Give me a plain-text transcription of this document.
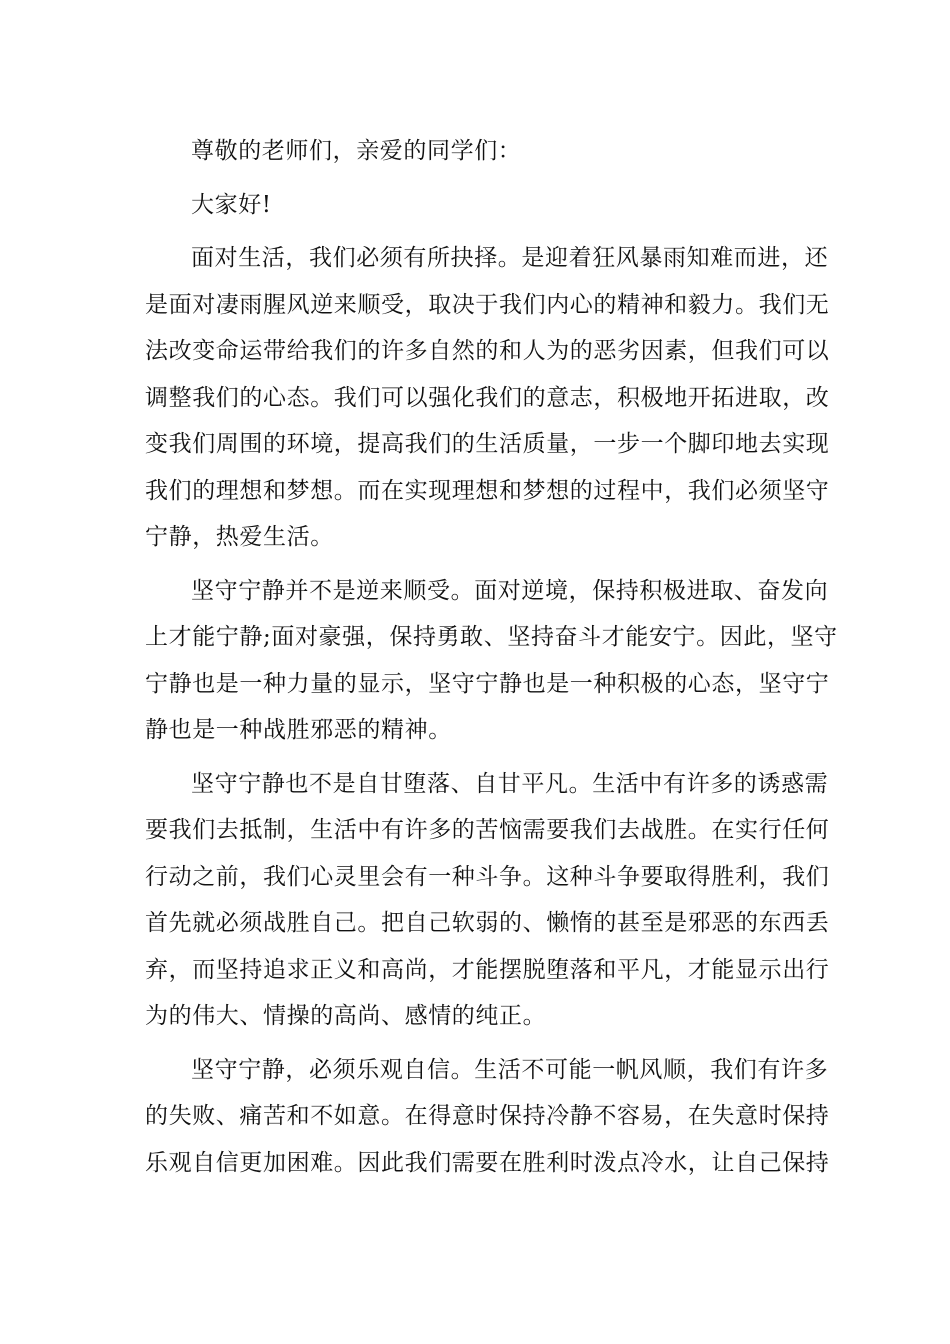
尊敬的老师们，亲爱的同学们：
大家好!
面对生活，我们必须有所抉择。是迎着狂风暴雨知难而进，还
是面对凄雨腥风逆来顺受，取决于我们内心的精神和毅力。我们无
法改变命运带给我们的许多自然的和人为的恶劣因素，但我们可以
调整我们的心态。我们可以强化我们的意志，积极地开拓进取，改
变我们周围的环境，提高我们的生活质量，一步一个脚印地去实现
我们的理想和梦想。而在实现理想和梦想的过程中，我们必须坚守
宁静，热爱生活。
坚守宁静并不是逆来顺受。面对逆境，保持积极进取、奋发向
上才能宁静;面对豪强，保持勇敢、坚持奋斗才能安宁。因此，坚守
宁静也是一种力量的显示，坚守宁静也是一种积极的心态，坚守宁
静也是一种战胜邪恶的精神。
坚守宁静也不是自甘堕落、自甘平凡。生活中有许多的诱惑需
要我们去抵制，生活中有许多的苦恼需要我们去战胜。在实行任何
行动之前，我们心灵里会有一种斗争。这种斗争要取得胜利，我们
首先就必须战胜自己。把自己软弱的、懒惰的甚至是邪恶的东西丢
弃，而坚持追求正义和高尚，才能摆脱堕落和平凡，才能显示出行
为的伟大、情操的高尚、感情的纯正。
坚守宁静，必须乐观自信。生活不可能一帆风顺，我们有许多
的失败、痛苦和不如意。在得意时保持冷静不容易，在失意时保持
乐观自信更加困难。因此我们需要在胜利时泼点冷水，让自己保持
